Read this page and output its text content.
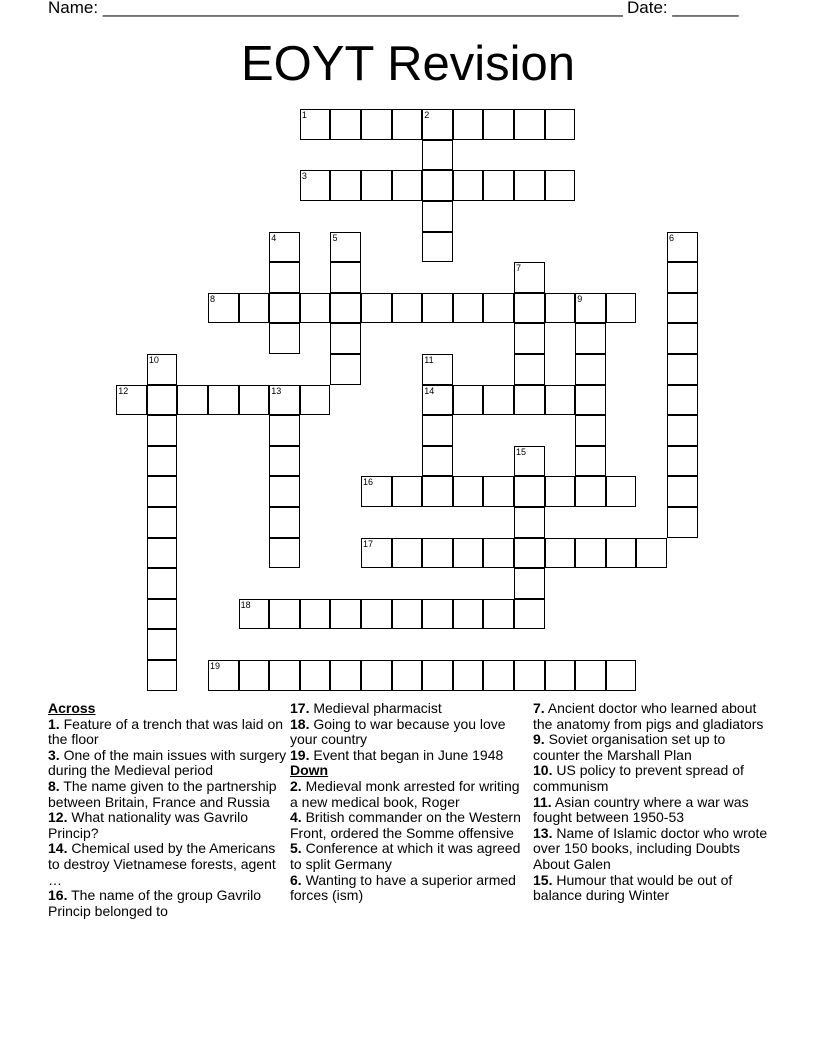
Name: _______________________________________________________ Date: _______
EOYT Revision
1	2
3
4	5	6
7
8	9
10	11
14
12	13
15
16
17
18
19
Across
1. Feature of a trench that was laid on the floor
3. One of the main issues with surgery during the Medieval period
8. The name given to the partnership between Britain, France and Russia
12. What nationality was Gavrilo Princip?
14. Chemical used by the Americans to destroy Vietnamese forests, agent …
16. The name of the group Gavrilo Princip belonged to
17. Medieval pharmacist
18. Going to war because you love your country
19. Event that began in June 1948
Down
2. Medieval monk arrested for writing a new medical book, Roger
4. British commander on the Western Front, ordered the Somme offensive
5. Conference at which it was agreed to split Germany
6. Wanting to have a superior armed forces (ism)
7. Ancient doctor who learned about the anatomy from pigs and gladiators
9. Soviet organisation set up to counter the Marshall Plan
10. US policy to prevent spread of communism
11. Asian country where a war was fought between 1950-53
13. Name of Islamic doctor who wrote over 150 books, including Doubts About Galen
15. Humour that would be out of balance during Winter
